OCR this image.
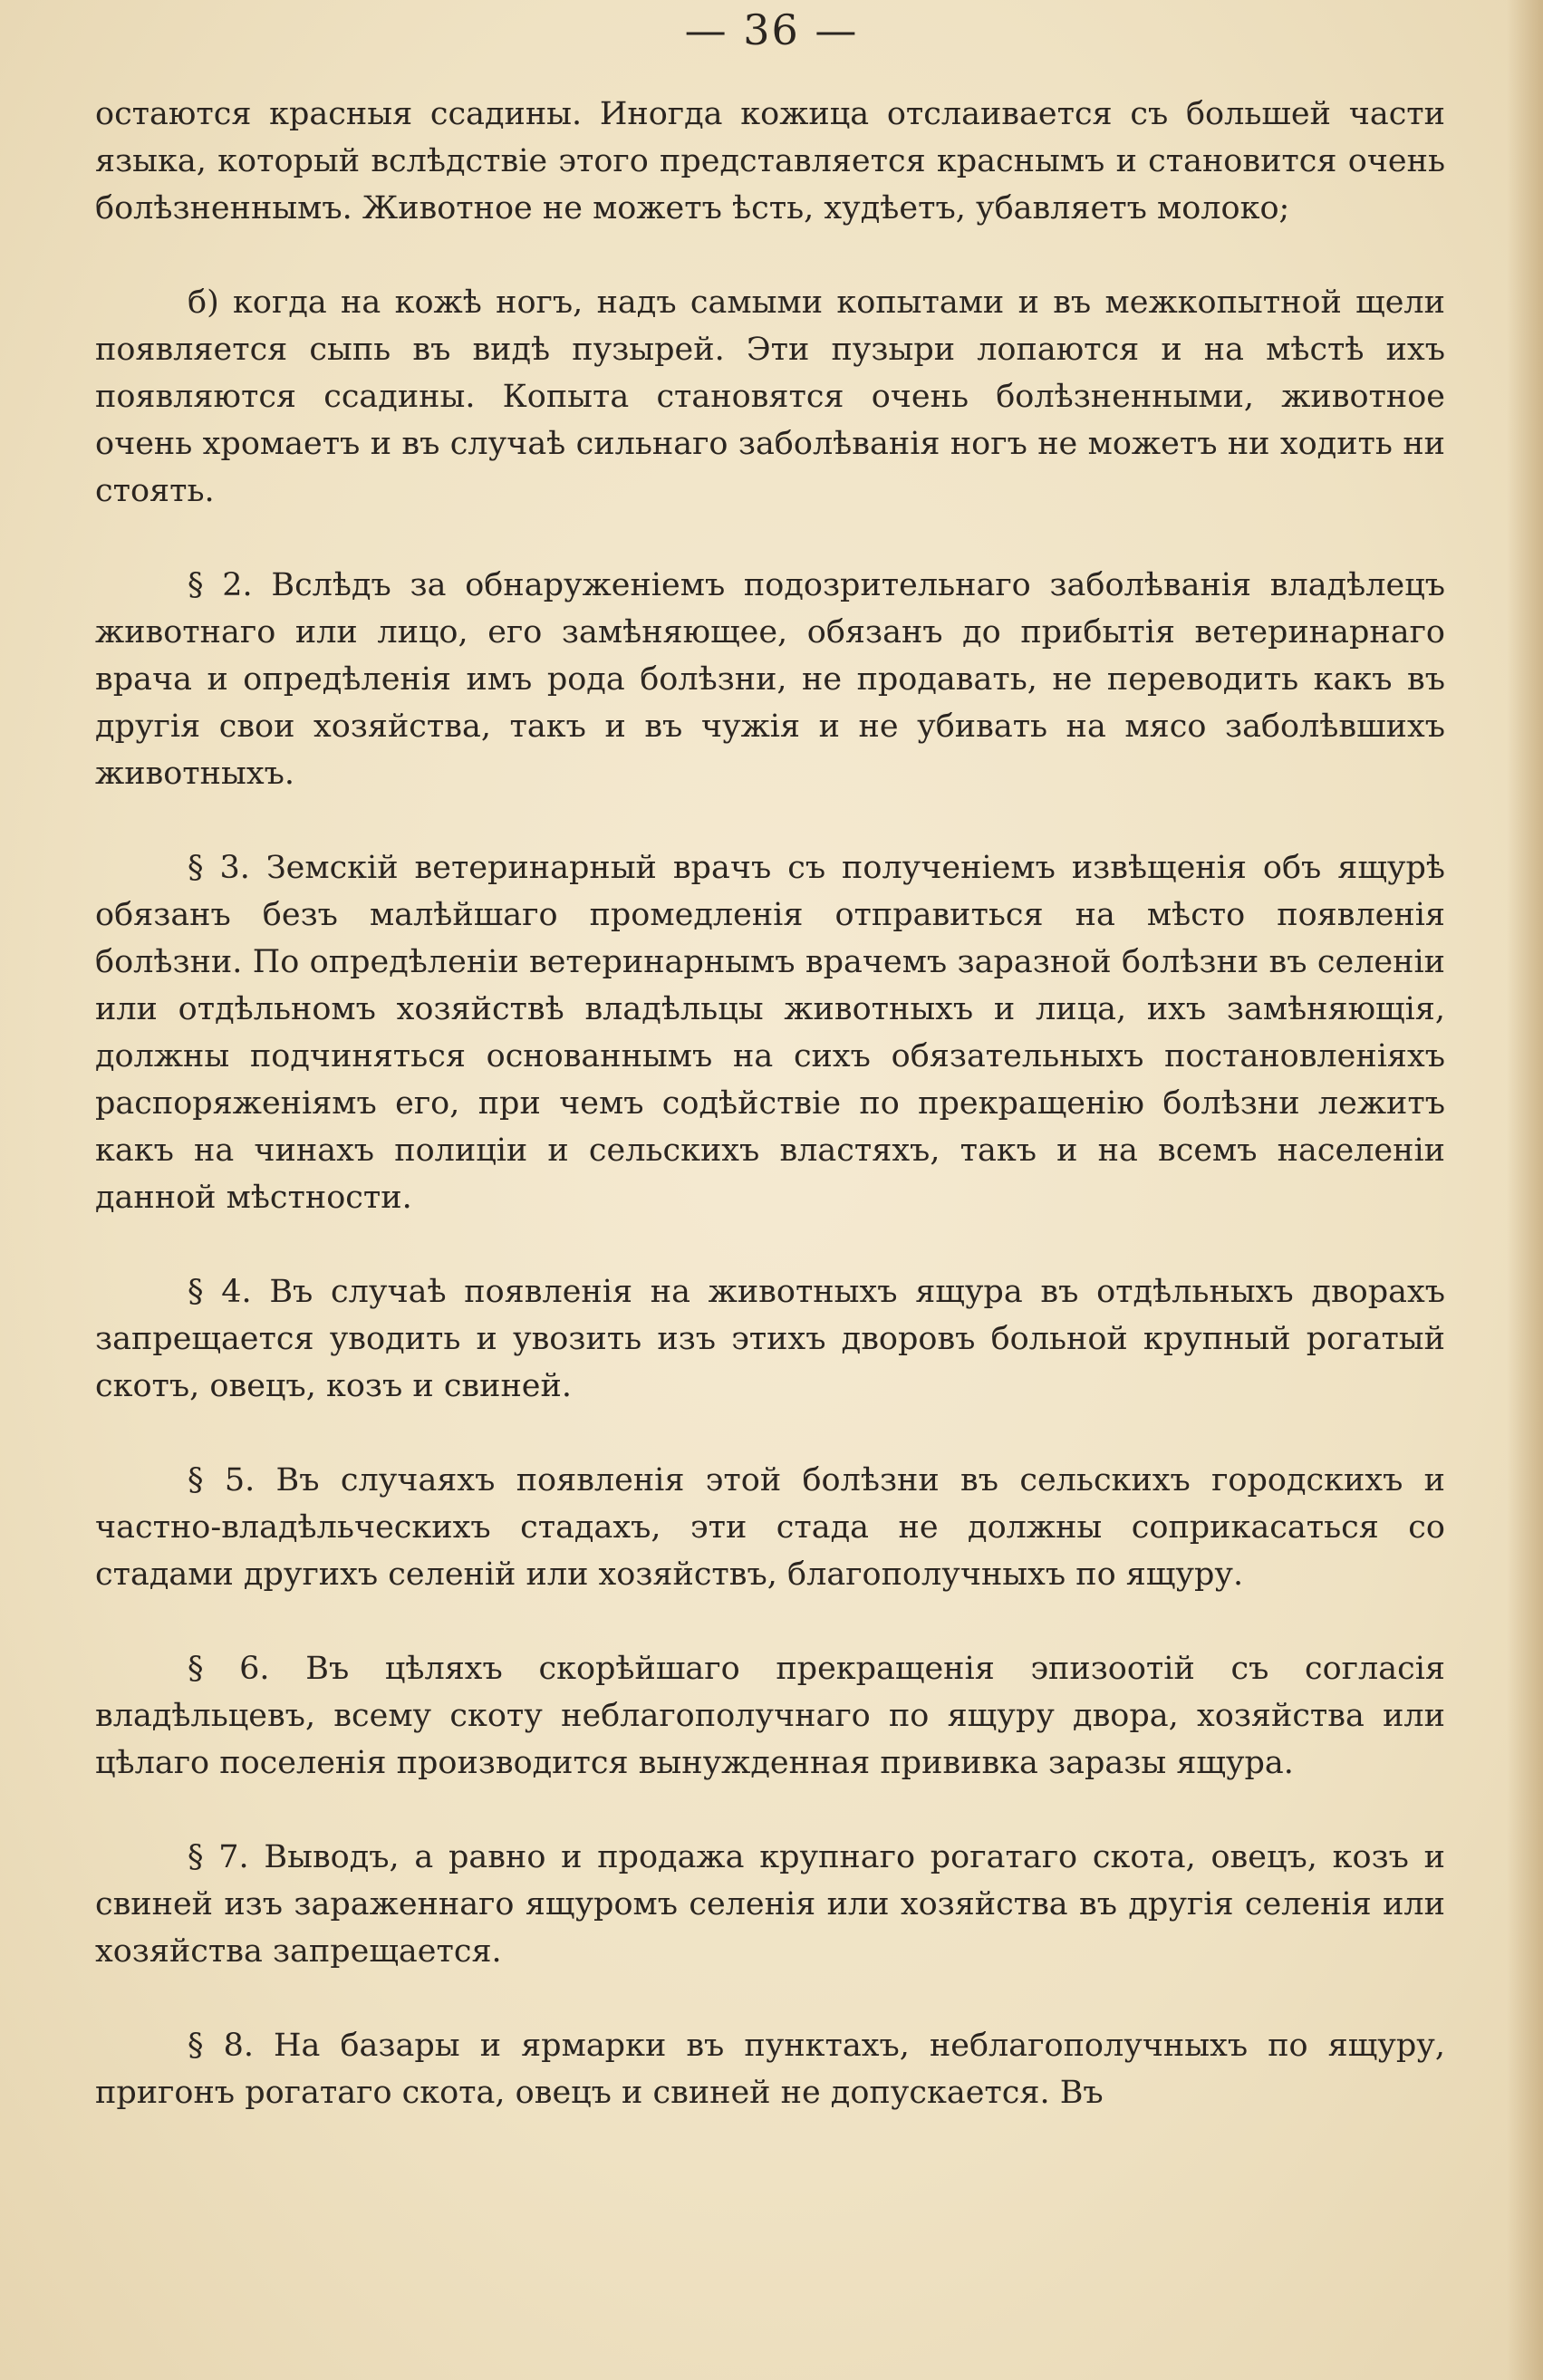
— 36 —

остаются красныя ссадины. Иногда кожица отслаивается съ большей части языка, который вслѣдствіе этого представляется краснымъ и становится очень болѣзненнымъ. Животное не можетъ ѣсть, худѣетъ, убавляетъ молоко;

б) когда на кожѣ ногъ, надъ самыми копытами и въ межкопытной щели появляется сыпь въ видѣ пузырей. Эти пузыри лопаются и на мѣстѣ ихъ появляются ссадины. Копыта становятся очень болѣзненными, животное очень хромаетъ и въ случаѣ сильнаго заболѣванія ногъ не можетъ ни ходить ни стоять.

§ 2. Вслѣдъ за обнаруженіемъ подозрительнаго заболѣванія владѣлецъ животнаго или лицо, его замѣняющее, обязанъ до прибытія ветеринарнаго врача и опредѣленія имъ рода болѣзни, не продавать, не переводить какъ въ другія свои хозяйства, такъ и въ чужія и не убивать на мясо заболѣвшихъ животныхъ.

§ 3. Земскій ветеринарный врачъ съ полученіемъ извѣщенія объ ящурѣ обязанъ безъ малѣйшаго промедленія отправиться на мѣсто появленія болѣзни. По опредѣленіи ветеринарнымъ врачемъ заразной болѣзни въ селеніи или отдѣльномъ хозяйствѣ владѣльцы животныхъ и лица, ихъ замѣняющія, должны подчиняться основаннымъ на сихъ обязательныхъ постановленіяхъ распоряженіямъ его, при чемъ содѣйствіе по прекращенію болѣзни лежитъ какъ на чинахъ полиціи и сельскихъ властяхъ, такъ и на всемъ населеніи данной мѣстности.

§ 4. Въ случаѣ появленія на животныхъ ящура въ отдѣльныхъ дворахъ запрещается уводить и увозить изъ этихъ дворовъ больной крупный рогатый скотъ, овецъ, козъ и свиней.

§ 5. Въ случаяхъ появленія этой болѣзни въ сельскихъ городскихъ и частно-владѣльческихъ стадахъ, эти стада не должны соприкасаться со стадами другихъ селеній или хозяйствъ, благополучныхъ по ящуру.

§ 6. Въ цѣляхъ скорѣйшаго прекращенія эпизоотій съ согласія владѣльцевъ, всему скоту неблагополучнаго по ящуру двора, хозяйства или цѣлаго поселенія производится вынужденная прививка заразы ящура.

§ 7. Выводъ, а равно и продажа крупнаго рогатаго скота, овецъ, козъ и свиней изъ зараженнаго ящуромъ селенія или хозяйства въ другія селенія или хозяйства запрещается.

§ 8. На базары и ярмарки въ пунктахъ, неблагополучныхъ по ящуру, пригонъ рогатаго скота, овецъ и свиней не допускается. Въ
